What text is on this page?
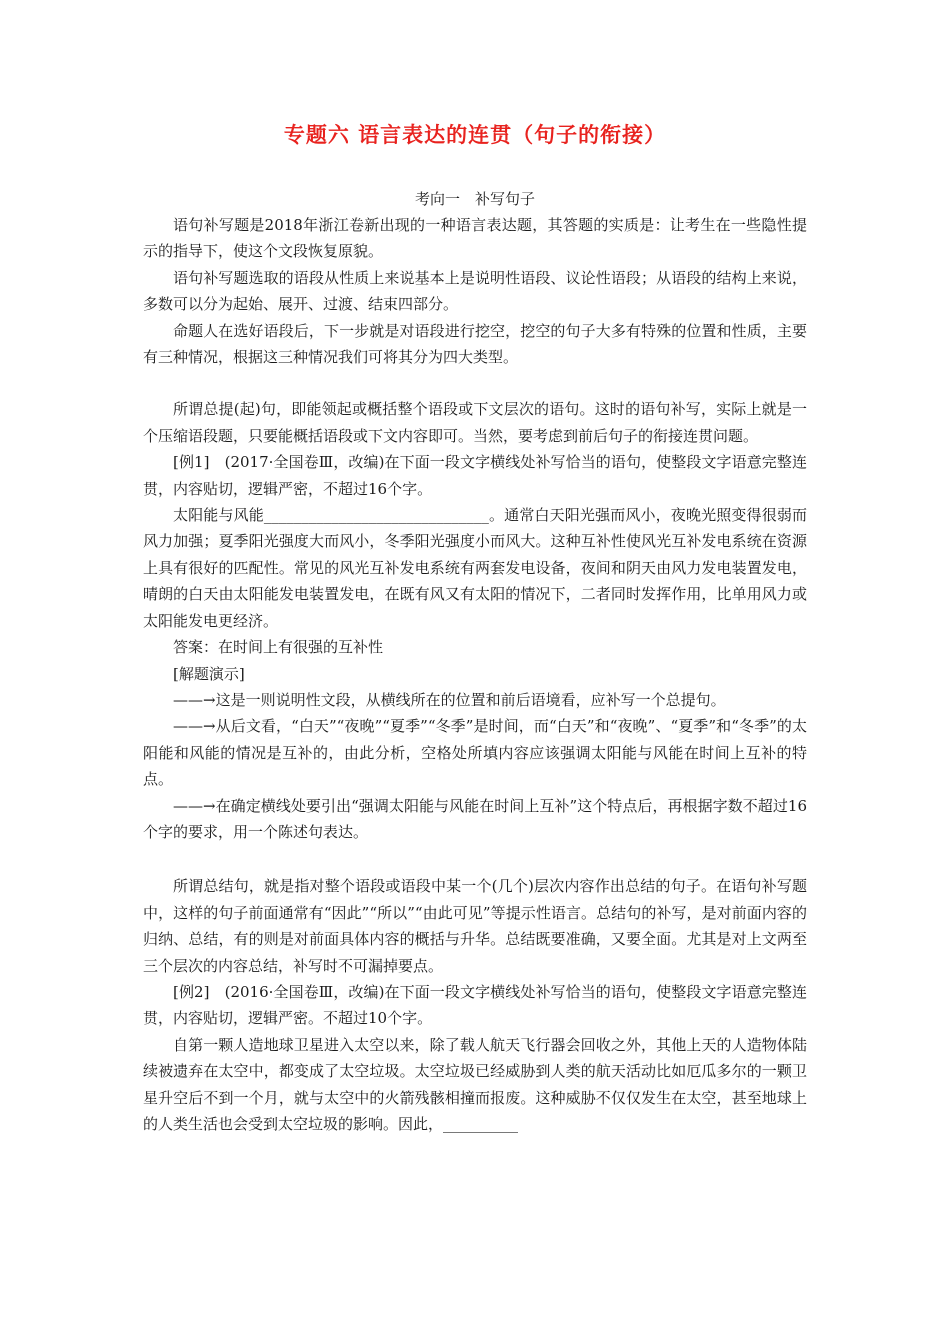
专题六 语言表达的连贯（句子的衔接）
考向一　补写句子

语句补写题是2018年浙江卷新出现的一种语言表达题，其答题的实质是：让考生在一些隐性提示的指导下，使这个文段恢复原貌。

语句补写题选取的语段从性质上来说基本上是说明性语段、议论性语段；从语段的结构上来说，多数可以分为起始、展开、过渡、结束四部分。

命题人在选好语段后，下一步就是对语段进行挖空，挖空的句子大多有特殊的位置和性质，主要有三种情况，根据这三种情况我们可将其分为四大类型。

所谓总提(起)句，即能领起或概括整个语段或下文层次的语句。这时的语句补写，实际上就是一个压缩语段题，只要能概括语段或下文内容即可。当然，要考虑到前后句子的衔接连贯问题。

[例1]　(2017·全国卷Ⅲ，改编)在下面一段文字横线处补写恰当的语句，使整段文字语意完整连贯，内容贴切，逻辑严密，不超过16个字。

太阳能与风能______________________________。通常白天阳光强而风小，夜晚光照变得很弱而风力加强；夏季阳光强度大而风小，冬季阳光强度小而风大。这种互补性使风光互补发电系统在资源上具有很好的匹配性。常见的风光互补发电系统有两套发电设备，夜间和阴天由风力发电装置发电，晴朗的白天由太阳能发电装置发电，在既有风又有太阳的情况下，二者同时发挥作用，比单用风力或太阳能发电更经济。

答案：在时间上有很强的互补性

[解题演示]

——→这是一则说明性文段，从横线所在的位置和前后语境看，应补写一个总提句。

——→从后文看，“白天”“夜晚”“夏季”“冬季”是时间，而“白天”和“夜晚”、“夏季”和“冬季”的太阳能和风能的情况是互补的，由此分析，空格处所填内容应该强调太阳能与风能在时间上互补的特点。

——→在确定横线处要引出“强调太阳能与风能在时间上互补”这个特点后，再根据字数不超过16个字的要求，用一个陈述句表达。

所谓总结句，就是指对整个语段或语段中某一个(几个)层次内容作出总结的句子。在语句补写题中，这样的句子前面通常有“因此”“所以”“由此可见”等提示性语言。总结句的补写，是对前面内容的归纳、总结，有的则是对前面具体内容的概括与升华。总结既要准确，又要全面。尤其是对上文两至三个层次的内容总结，补写时不可漏掉要点。

[例2]　(2016·全国卷Ⅲ，改编)在下面一段文字横线处补写恰当的语句，使整段文字语意完整连贯，内容贴切，逻辑严密。不超过10个字。

自第一颗人造地球卫星进入太空以来，除了载人航天飞行器会回收之外，其他上天的人造物体陆续被遗弃在太空中，都变成了太空垃圾。太空垃圾已经威胁到人类的航天活动比如厄瓜多尔的一颗卫星升空后不到一个月，就与太空中的火箭残骸相撞而报废。这种威胁不仅仅发生在太空，甚至地球上的人类生活也会受到太空垃圾的影响。因此，__________
